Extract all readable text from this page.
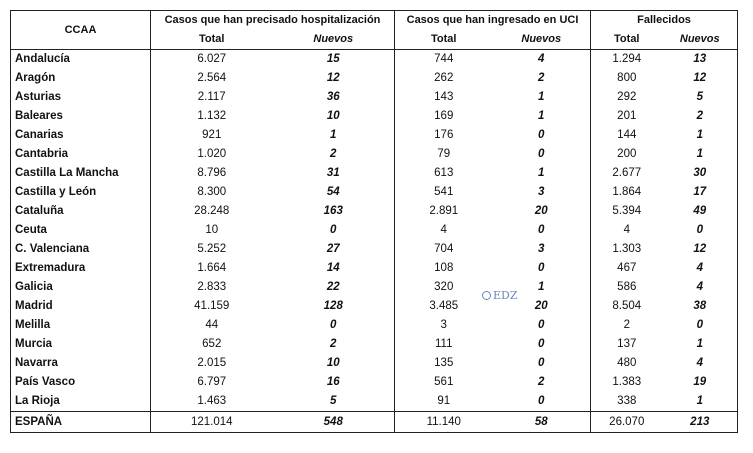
CCAA	Casos que han precisado hospitalización		Casos que han ingresado en UCI		Fallecidos	
	Total	Nuevos	Total	Nuevos	Total	Nuevos
Andalucía	6.027	15	744	4	1.294	13
Aragón	2.564	12	262	2	800	12
Asturias	2.117	36	143	1	292	5
Baleares	1.132	10	169	1	201	2
Canarias	921	1	176	0	144	1
Cantabria	1.020	2	79	0	200	1
Castilla La Mancha	8.796	31	613	1	2.677	30
Castilla y León	8.300	54	541	3	1.864	17
Cataluña	28.248	163	2.891	20	5.394	49
Ceuta	10	0	4	0	4	0
C. Valenciana	5.252	27	704	3	1.303	12
Extremadura	1.664	14	108	0	467	4
Galicia	2.833	22	320	1	586	4
Madrid	41.159	128	3.485	20	8.504	38
Melilla	44	0	3	0	2	0
Murcia	652	2	111	0	137	1
Navarra	2.015	10	135	0	480	4
País Vasco	6.797	16	561	2	1.383	19
La Rioja	1.463	5	91	0	338	1
ESPAÑA	121.014	548	11.140	58	26.070	213
EDZ
